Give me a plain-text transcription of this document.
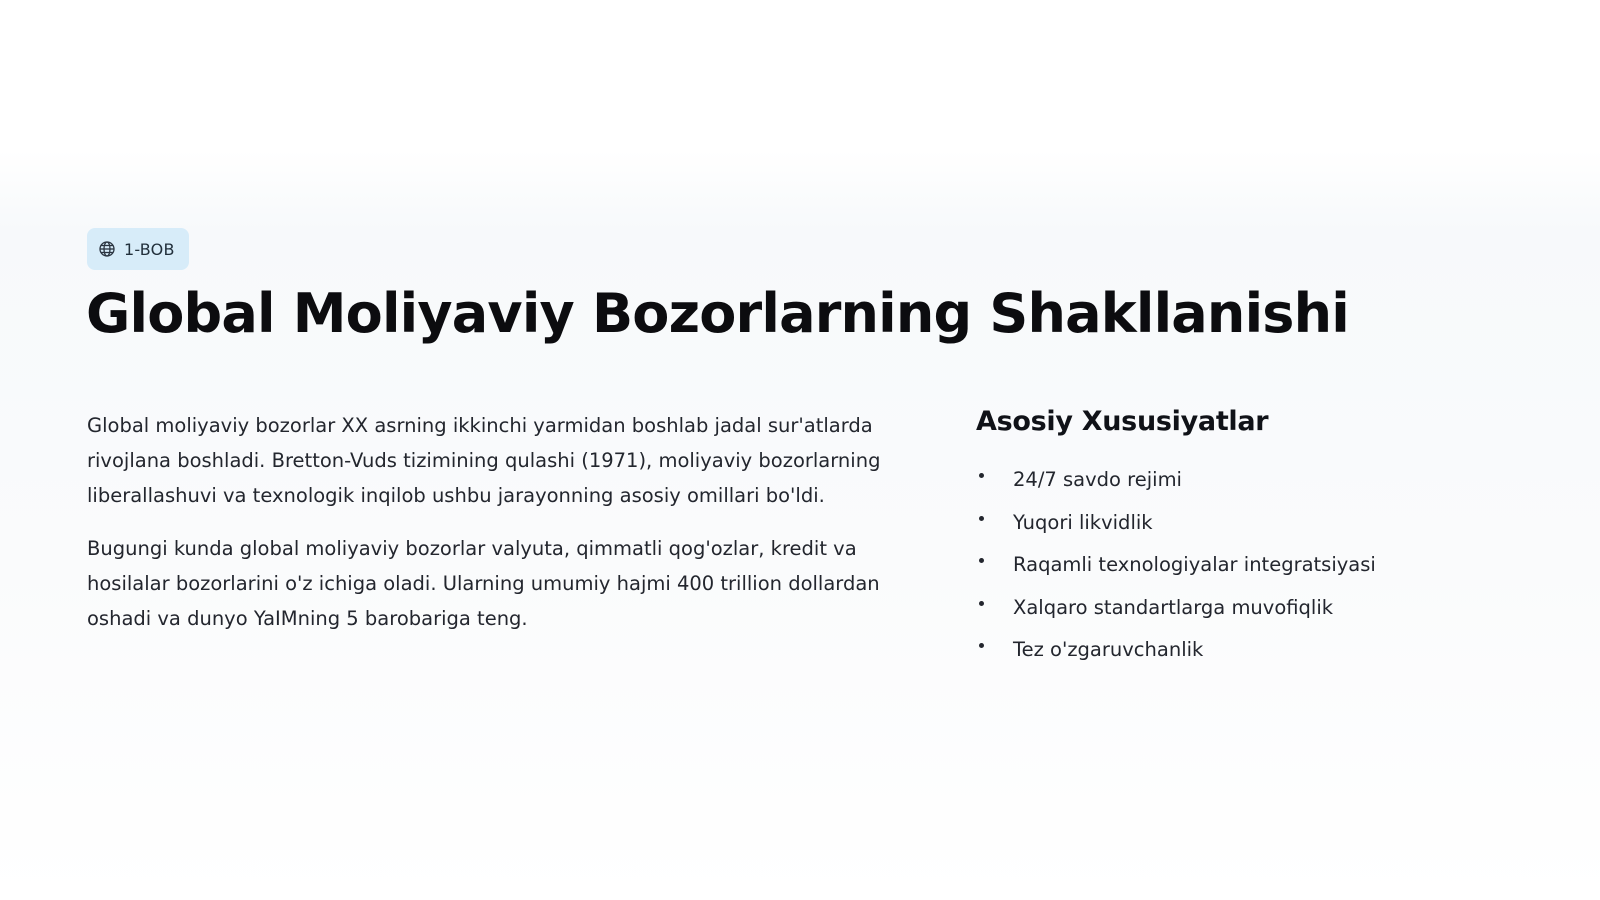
1-BOB
Global Moliyaviy Bozorlarning Shakllanishi

Global moliyaviy bozorlar XX asrning ikkinchi yarmidan boshlab jadal sur'atlarda rivojlana boshladi. Bretton-Vuds tizimining qulashi (1971), moliyaviy bozorlarning liberallashuvi va texnologik inqilob ushbu jarayonning asosiy omillari bo'ldi.

Bugungi kunda global moliyaviy bozorlar valyuta, qimmatli qog'ozlar, kredit va hosilalar bozorlarini o'z ichiga oladi. Ularning umumiy hajmi 400 trillion dollardan oshadi va dunyo YaIMning 5 barobariga teng.

Asosiy Xususiyatlar
24/7 savdo rejimi
Yuqori likvidlik
Raqamli texnologiyalar integratsiyasi
Xalqaro standartlarga muvofiqlik
Tez o'zgaruvchanlik
